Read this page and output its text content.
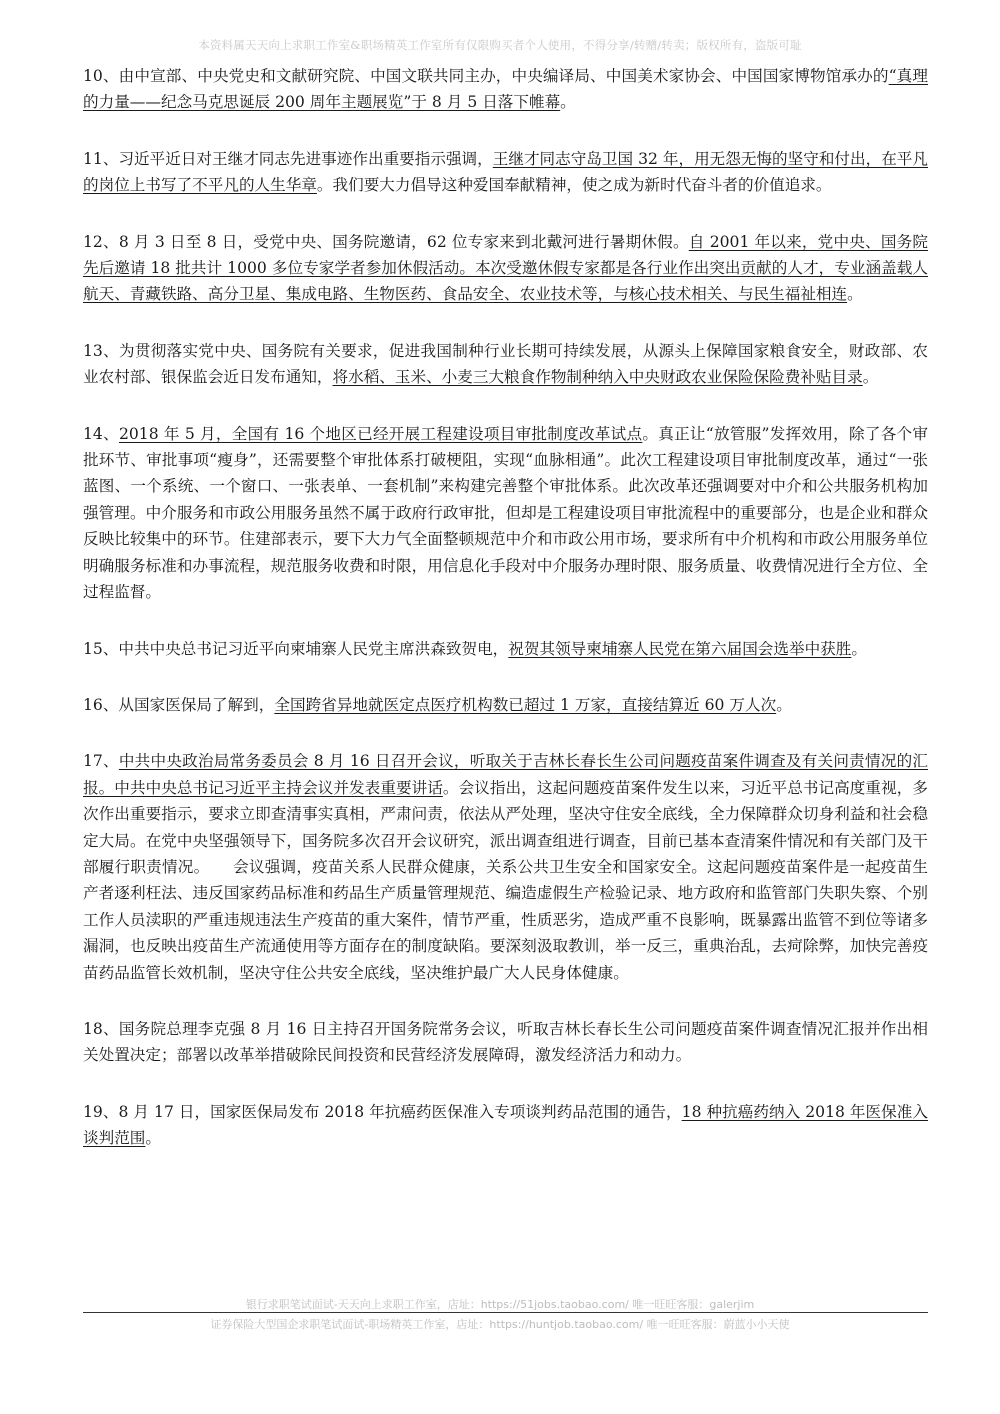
本资料属天天向上求职工作室&职场精英工作室所有仅限购买者个人使用，不得分享/转赠/转卖；版权所有，盗版可耻

10、由中宣部、中央党史和文献研究院、中国文联共同主办，中央编译局、中国美术家协会、中国国家博物馆承办的“真理的力量——纪念马克思诞辰 200 周年主题展览”于 8 月 5 日落下帷幕。

11、习近平近日对王继才同志先进事迹作出重要指示强调，王继才同志守岛卫国 32 年，用无怨无悔的坚守和付出，在平凡的岗位上书写了不平凡的人生华章。我们要大力倡导这种爱国奉献精神，使之成为新时代奋斗者的价值追求。

12、8 月 3 日至 8 日，受党中央、国务院邀请，62 位专家来到北戴河进行暑期休假。自 2001 年以来，党中央、国务院先后邀请 18 批共计 1000 多位专家学者参加休假活动。本次受邀休假专家都是各行业作出突出贡献的人才，专业涵盖载人航天、青藏铁路、高分卫星、集成电路、生物医药、食品安全、农业技术等，与核心技术相关、与民生福祉相连。

13、为贯彻落实党中央、国务院有关要求，促进我国制种行业长期可持续发展，从源头上保障国家粮食安全，财政部、农业农村部、银保监会近日发布通知，将水稻、玉米、小麦三大粮食作物制种纳入中央财政农业保险保险费补贴目录。

14、2018 年 5 月，全国有 16 个地区已经开展工程建设项目审批制度改革试点。真正让“放管服”发挥效用，除了各个审批环节、审批事项“瘦身”，还需要整个审批体系打破梗阻，实现“血脉相通”。此次工程建设项目审批制度改革，通过“一张蓝图、一个系统、一个窗口、一张表单、一套机制”来构建完善整个审批体系。此次改革还强调要对中介和公共服务机构加强管理。中介服务和市政公用服务虽然不属于政府行政审批，但却是工程建设项目审批流程中的重要部分，也是企业和群众反映比较集中的环节。住建部表示，要下大力气全面整顿规范中介和市政公用市场，要求所有中介机构和市政公用服务单位明确服务标准和办事流程，规范服务收费和时限，用信息化手段对中介服务办理时限、服务质量、收费情况进行全方位、全过程监督。

15、中共中央总书记习近平向柬埔寨人民党主席洪森致贺电，祝贺其领导柬埔寨人民党在第六届国会选举中获胜。

16、从国家医保局了解到，全国跨省异地就医定点医疗机构数已超过 1 万家，直接结算近 60 万人次。

17、中共中央政治局常务委员会 8 月 16 日召开会议，听取关于吉林长春长生公司问题疫苗案件调查及有关问责情况的汇报。中共中央总书记习近平主持会议并发表重要讲话。会议指出，这起问题疫苗案件发生以来，习近平总书记高度重视，多次作出重要指示，要求立即查清事实真相，严肃问责，依法从严处理，坚决守住安全底线，全力保障群众切身利益和社会稳定大局。在党中央坚强领导下，国务院多次召开会议研究，派出调查组进行调查，目前已基本查清案件情况和有关部门及干部履行职责情况。　　会议强调，疫苗关系人民群众健康，关系公共卫生安全和国家安全。这起问题疫苗案件是一起疫苗生产者逐利枉法、违反国家药品标准和药品生产质量管理规范、编造虚假生产检验记录、地方政府和监管部门失职失察、个别工作人员渎职的严重违规违法生产疫苗的重大案件，情节严重，性质恶劣，造成严重不良影响，既暴露出监管不到位等诸多漏洞，也反映出疫苗生产流通使用等方面存在的制度缺陷。要深刻汲取教训，举一反三，重典治乱，去疴除弊，加快完善疫苗药品监管长效机制，坚决守住公共安全底线，坚决维护最广大人民身体健康。

18、国务院总理李克强 8 月 16 日主持召开国务院常务会议，听取吉林长春长生公司问题疫苗案件调查情况汇报并作出相关处置决定；部署以改革举措破除民间投资和民营经济发展障碍，激发经济活力和动力。

19、8 月 17 日，国家医保局发布 2018 年抗癌药医保准入专项谈判药品范围的通告，18 种抗癌药纳入 2018 年医保准入谈判范围。

银行求职笔试面试-天天向上求职工作室，店址：https://51jobs.taobao.com/ 唯一旺旺客服：galerjim
证券保险大型国企求职笔试面试-职场精英工作室，店址：https://huntjob.taobao.com/ 唯一旺旺客服：蔚蓝小小天使
